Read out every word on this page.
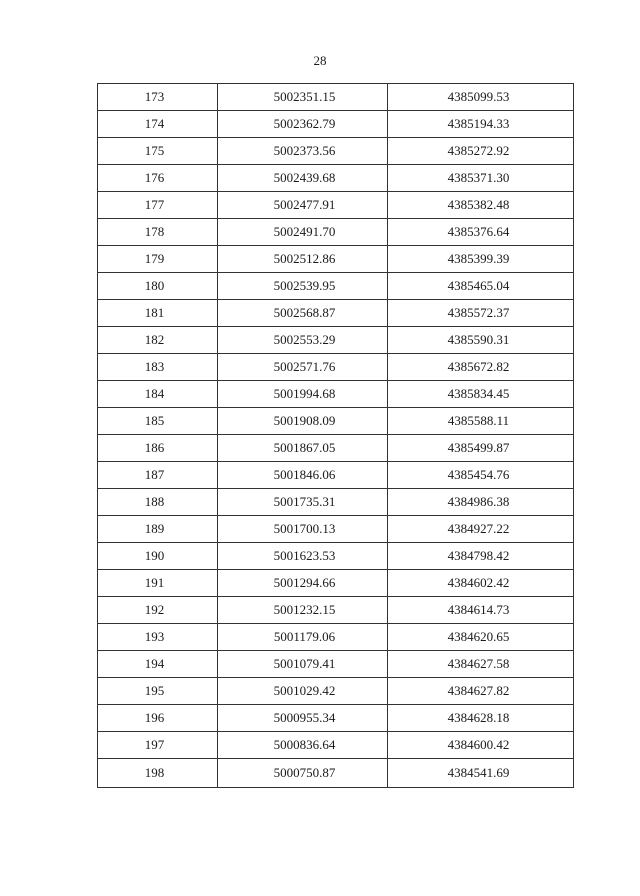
28
173	5002351.15	4385099.53
174	5002362.79	4385194.33
175	5002373.56	4385272.92
176	5002439.68	4385371.30
177	5002477.91	4385382.48
178	5002491.70	4385376.64
179	5002512.86	4385399.39
180	5002539.95	4385465.04
181	5002568.87	4385572.37
182	5002553.29	4385590.31
183	5002571.76	4385672.82
184	5001994.68	4385834.45
185	5001908.09	4385588.11
186	5001867.05	4385499.87
187	5001846.06	4385454.76
188	5001735.31	4384986.38
189	5001700.13	4384927.22
190	5001623.53	4384798.42
191	5001294.66	4384602.42
192	5001232.15	4384614.73
193	5001179.06	4384620.65
194	5001079.41	4384627.58
195	5001029.42	4384627.82
196	5000955.34	4384628.18
197	5000836.64	4384600.42
198	5000750.87	4384541.69
